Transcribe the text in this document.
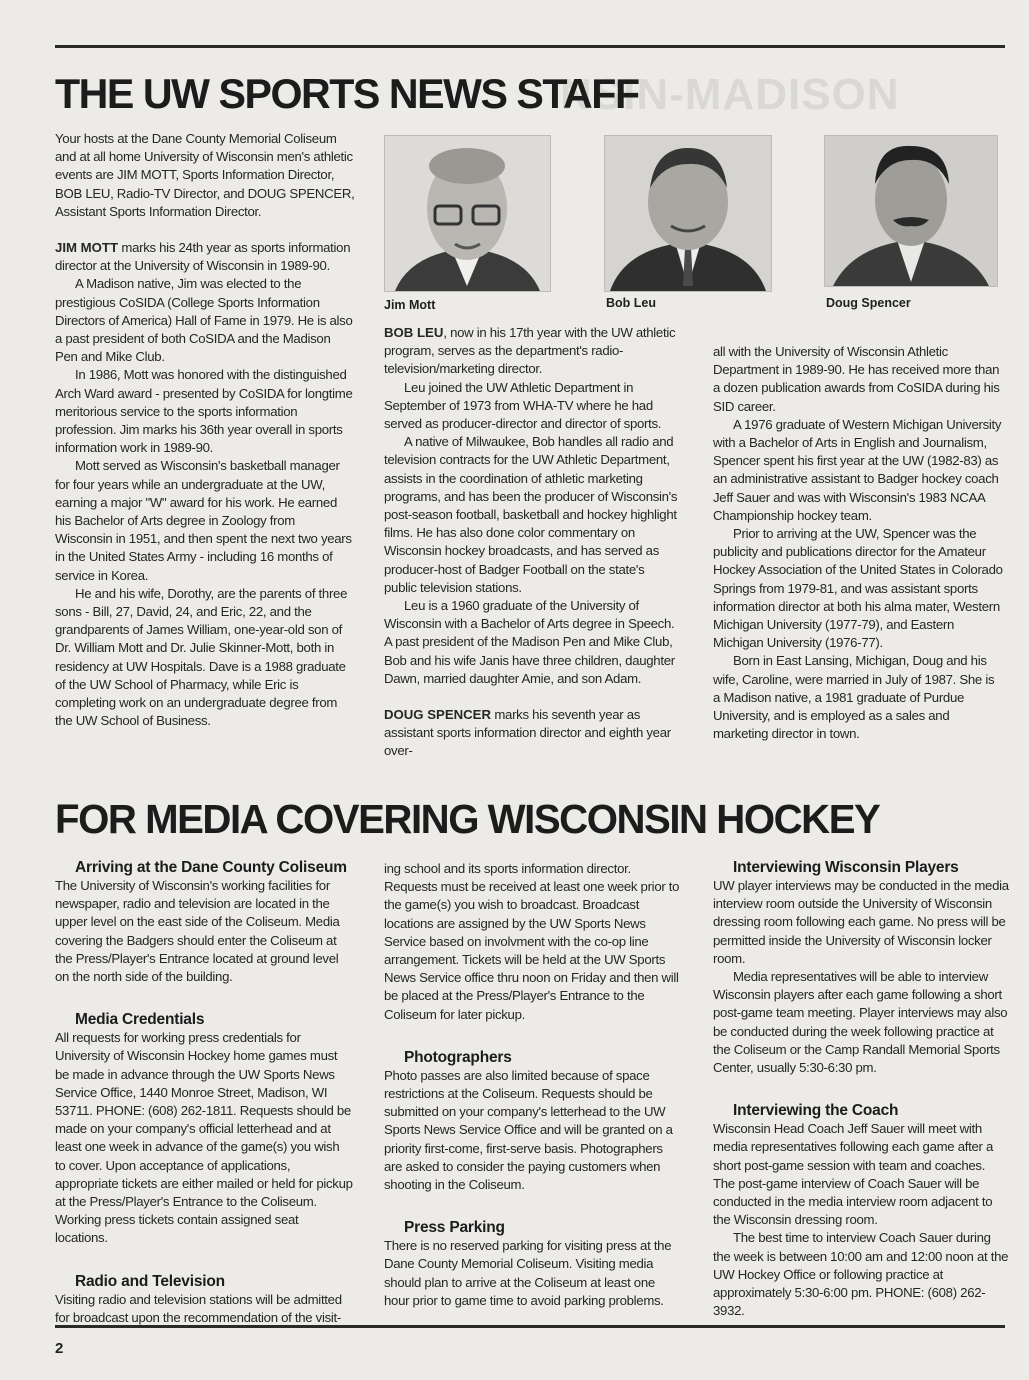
NSIN-MADISON
THE UW SPORTS NEWS STAFF

Your hosts at the Dane County Memorial Coliseum and at all home University of Wisconsin men's athletic events are JIM MOTT, Sports Information Director, BOB LEU, Radio-TV Director, and DOUG SPENCER, Assistant Sports Information Director.

JIM MOTT marks his 24th year as sports information director at the University of Wisconsin in 1989-90.

A Madison native, Jim was elected to the prestigious CoSIDA (College Sports Information Directors of America) Hall of Fame in 1979. He is also a past president of both CoSIDA and the Madison Pen and Mike Club.

In 1986, Mott was honored with the distinguished Arch Ward award - presented by CoSIDA for longtime meritorious service to the sports information profession. Jim marks his 36th year overall in sports information work in 1989-90.

Mott served as Wisconsin's basketball manager for four years while an undergraduate at the UW, earning a major "W" award for his work. He earned his Bachelor of Arts degree in Zoology from Wisconsin in 1951, and then spent the next two years in the United States Army - including 16 months of service in Korea.

He and his wife, Dorothy, are the parents of three sons - Bill, 27, David, 24, and Eric, 22, and the grandparents of James William, one-year-old son of Dr. William Mott and Dr. Julie Skinner-Mott, both in residency at UW Hospitals. Dave is a 1988 graduate of the UW School of Pharmacy, while Eric is completing work on an undergraduate degree from the UW School of Business.

Jim Mott	Bob Leu	Doug Spencer

BOB LEU, now in his 17th year with the UW athletic program, serves as the department's radio-television/marketing director.

Leu joined the UW Athletic Department in September of 1973 from WHA-TV where he had served as producer-director and director of sports.

A native of Milwaukee, Bob handles all radio and television contracts for the UW Athletic Department, assists in the coordination of athletic marketing programs, and has been the producer of Wisconsin's post-season football, basketball and hockey highlight films. He has also done color commentary on Wisconsin hockey broadcasts, and has served as producer-host of Badger Football on the state's public television stations.

Leu is a 1960 graduate of the University of Wisconsin with a Bachelor of Arts degree in Speech. A past president of the Madison Pen and Mike Club, Bob and his wife Janis have three children, daughter Dawn, married daughter Amie, and son Adam.

DOUG SPENCER marks his seventh year as assistant sports information director and eighth year over-

all with the University of Wisconsin Athletic Department in 1989-90. He has received more than a dozen publication awards from CoSIDA during his SID career.

A 1976 graduate of Western Michigan University with a Bachelor of Arts in English and Journalism, Spencer spent his first year at the UW (1982-83) as an administrative assistant to Badger hockey coach Jeff Sauer and was with Wisconsin's 1983 NCAA Championship hockey team.

Prior to arriving at the UW, Spencer was the publicity and publications director for the Amateur Hockey Association of the United States in Colorado Springs from 1979-81, and was assistant sports information director at both his alma mater, Western Michigan University (1977-79), and Eastern Michigan University (1976-77).

Born in East Lansing, Michigan, Doug and his wife, Caroline, were married in July of 1987. She is a Madison native, a 1981 graduate of Purdue University, and is employed as a sales and marketing director in town.

FOR MEDIA COVERING WISCONSIN HOCKEY

Arriving at the Dane County Coliseum

The University of Wisconsin's working facilities for newspaper, radio and television are located in the upper level on the east side of the Coliseum. Media covering the Badgers should enter the Coliseum at the Press/Player's Entrance located at ground level on the north side of the building.

Media Credentials

All requests for working press credentials for University of Wisconsin Hockey home games must be made in advance through the UW Sports News Service Office, 1440 Monroe Street, Madison, WI 53711. PHONE: (608) 262-1811. Requests should be made on your company's official letterhead and at least one week in advance of the game(s) you wish to cover. Upon acceptance of applications, appropriate tickets are either mailed or held for pickup at the Press/Player's Entrance to the Coliseum. Working press tickets contain assigned seat locations.

Radio and Television

Visiting radio and television stations will be admitted for broadcast upon the recommendation of the visit-

ing school and its sports information director. Requests must be received at least one week prior to the game(s) you wish to broadcast. Broadcast locations are assigned by the UW Sports News Service based on involvment with the co-op line arrangement. Tickets will be held at the UW Sports News Service office thru noon on Friday and then will be placed at the Press/Player's Entrance to the Coliseum for later pickup.

Photographers

Photo passes are also limited because of space restrictions at the Coliseum. Requests should be submitted on your company's letterhead to the UW Sports News Service Office and will be granted on a priority first-come, first-serve basis. Photographers are asked to consider the paying customers when shooting in the Coliseum.

Press Parking

There is no reserved parking for visiting press at the Dane County Memorial Coliseum. Visiting media should plan to arrive at the Coliseum at least one hour prior to game time to avoid parking problems.

Interviewing Wisconsin Players

UW player interviews may be conducted in the media interview room outside the University of Wisconsin dressing room following each game. No press will be permitted inside the University of Wisconsin locker room.

Media representatives will be able to interview Wisconsin players after each game following a short post-game team meeting. Player interviews may also be conducted during the week following practice at the Coliseum or the Camp Randall Memorial Sports Center, usually 5:30-6:30 pm.

Interviewing the Coach

Wisconsin Head Coach Jeff Sauer will meet with media representatives following each game after a short post-game session with team and coaches. The post-game interview of Coach Sauer will be conducted in the media interview room adjacent to the Wisconsin dressing room.

The best time to interview Coach Sauer during the week is between 10:00 am and 12:00 noon at the UW Hockey Office or following practice at approximately 5:30-6:00 pm. PHONE: (608) 262-3932.

2
